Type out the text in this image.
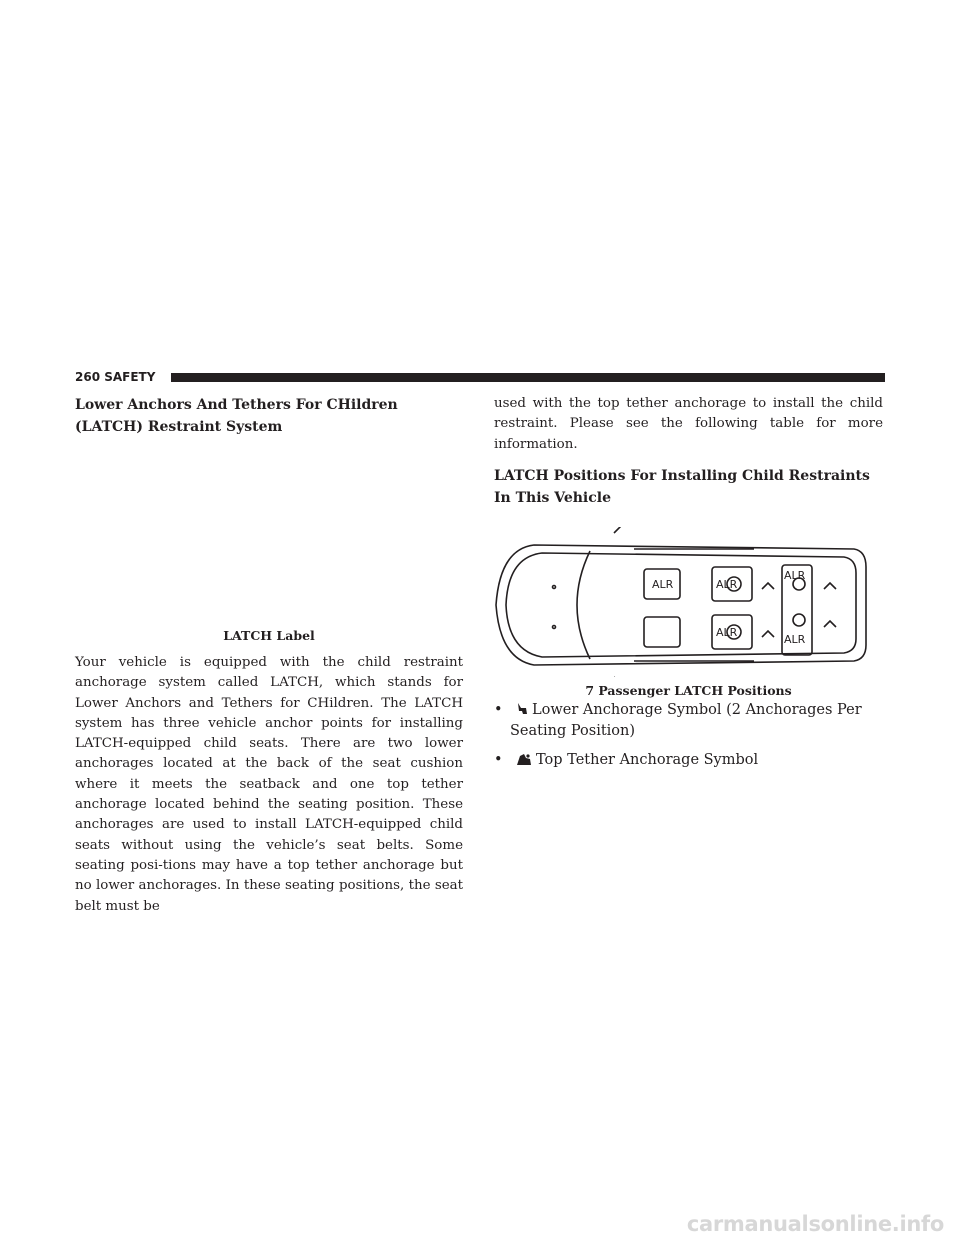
260 SAFETY

Lower Anchors And Tethers For CHildren (LATCH) Restraint System

LATCH Label

Your vehicle is equipped with the child restraint anchorage system called LATCH, which stands for Lower Anchors and Tethers for CHildren. The LATCH system has three vehicle anchor points for installing LATCH-equipped child seats. There are two lower anchorages located at the back of the seat cushion where it meets the seatback and one top tether anchorage located behind the seating position. These anchorages are used to install LATCH-equipped child seats without using the vehicle’s seat belts. Some seating posi-tions may have a top tether anchorage but no lower anchorages. In these seating positions, the seat belt must be

used with the top tether anchorage to install the child restraint. Please see the following table for more information.

LATCH Positions For Installing Child Restraints In This Vehicle

ALR	ALR
ALR
ALR
ALR

7 Passenger LATCH Positions

• Lower Anchorage Symbol (2 Anchorages Per Seating Position)
• Top Tether Anchorage Symbol
carmanualsonline.info
